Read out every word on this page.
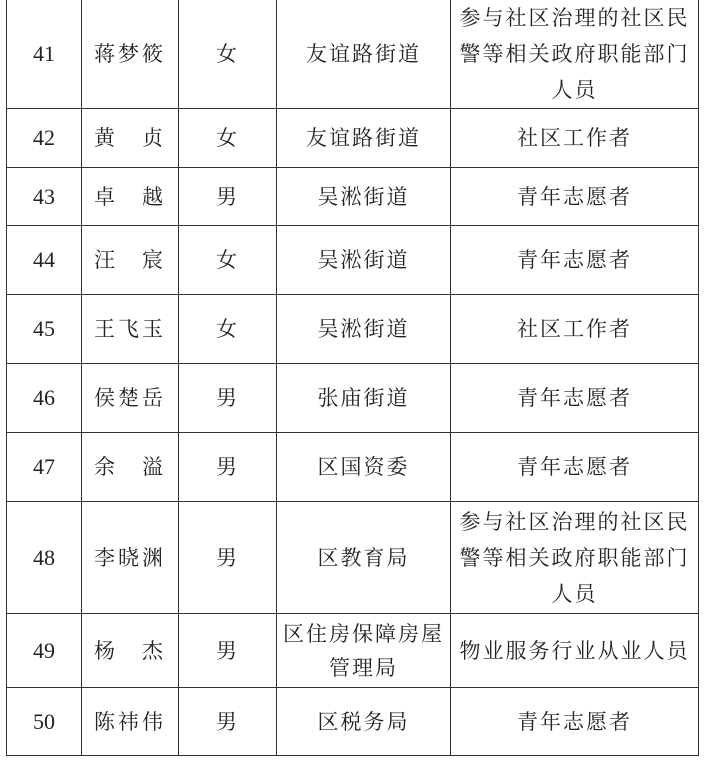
41	蒋梦筱	女	友谊路街道	参与社区治理的社区民警等相关政府职能部门人员
42	黄　贞	女	友谊路街道	社区工作者
43	卓　越	男	吴淞街道	青年志愿者
44	汪　宸	女	吴淞街道	青年志愿者
45	王飞玉	女	吴淞街道	社区工作者
46	侯楚岳	男	张庙街道	青年志愿者
47	余　溢	男	区国资委	青年志愿者
48	李晓渊	男	区教育局	参与社区治理的社区民警等相关政府职能部门人员
49	杨　杰	男	区住房保障房屋管理局	物业服务行业从业人员
50	陈祎伟	男	区税务局	青年志愿者
